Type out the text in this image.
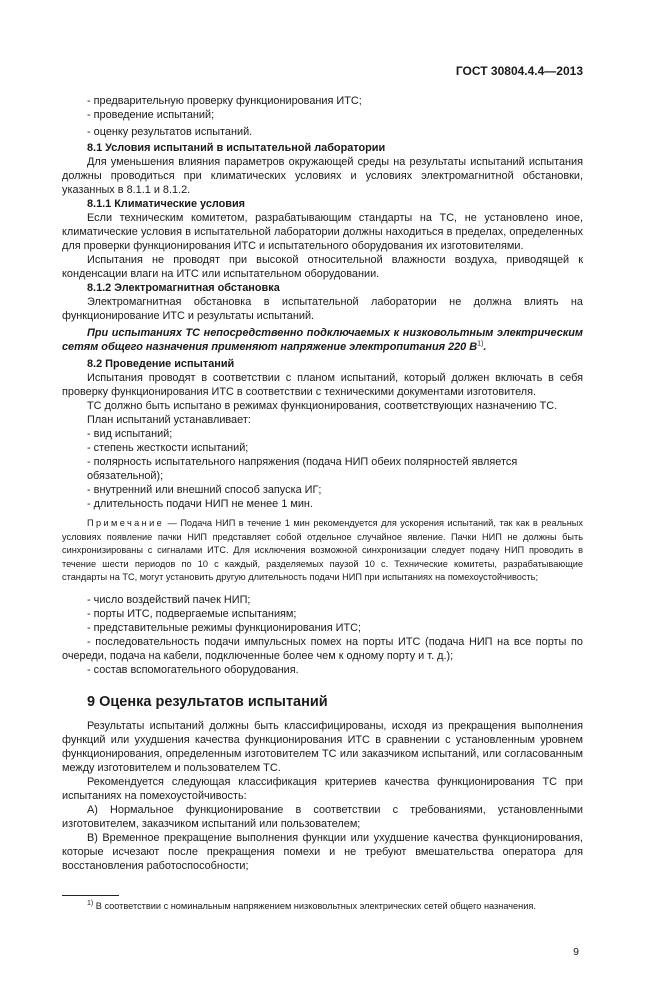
ГОСТ 30804.4.4—2013

- предварительную проверку функционирования ИТС;

- проведение испытаний;

- оценку результатов испытаний.

8.1 Условия испытаний в испытательной лаборатории

Для уменьшения влияния параметров окружающей среды на результаты испытаний испытания должны проводиться при климатических условиях и условиях электромагнитной обстановки, указанных в 8.1.1 и 8.1.2.

8.1.1 Климатические условия

Если техническим комитетом, разрабатывающим стандарты на ТС, не установлено иное, климатические условия в испытательной лаборатории должны находиться в пределах, определенных для проверки функционирования ИТС и испытательного оборудования их изготовителями.

Испытания не проводят при высокой относительной влажности воздуха, приводящей к конденсации влаги на ИТС или испытательном оборудовании.

8.1.2 Электромагнитная обстановка

Электромагнитная обстановка в испытательной лаборатории не должна влиять на функционирование ИТС и результаты испытаний.

При испытаниях ТС непосредственно подключаемых к низковольтным электрическим сетям общего назначения применяют напряжение электропитания 220 $В^{1)}$.

8.2 Проведение испытаний

Испытания проводят в соответствии с планом испытаний, который должен включать в себя проверку функционирования ИТС в соответствии с техническими документами изготовителя.

ТС должно быть испытано в режимах функционирования, соответствующих назначению ТС.

План испытаний устанавливает:

- вид испытаний;

- степень жесткости испытаний;

- полярность испытательного напряжения (подача НИП обеих полярностей является обязательной);

- внутренний или внешний способ запуска ИГ;

- длительность подачи НИП не менее 1 мин.

Примечание — Подача НИП в течение 1 мин рекомендуется для ускорения испытаний, так как в реальных условиях появление пачки НИП представляет собой отдельное случайное явление. Пачки НИП не должны быть синхронизированы с сигналами ИТС. Для исключения возможной синхронизации следует подачу НИП проводить в течение шести периодов по 10 с каждый, разделяемых паузой 10 с. Технические комитеты, разрабатывающие стандарты на ТС, могут установить другую длительность подачи НИП при испытаниях на помехоустойчивость;

- число воздействий пачек НИП;

- порты ИТС, подвергаемые испытаниям;

- представительные режимы функционирования ИТС;

- последовательность подачи импульсных помех на порты ИТС (подача НИП на все порты по очереди, подача на кабели, подключенные более чем к одному порту и т. д.);

- состав вспомогательного оборудования.

9 Оценка результатов испытаний

Результаты испытаний должны быть классифицированы, исходя из прекращения выполнения функций или ухудшения качества функционирования ИТС в сравнении с установленным уровнем функционирования, определенным изготовителем ТС или заказчиком испытаний, или согласованным между изготовителем и пользователем ТС.

Рекомендуется следующая классификация критериев качества функционирования ТС при испытаниях на помехоустойчивость:

А) Нормальное функционирование в соответствии с требованиями, установленными изготовителем, заказчиком испытаний или пользователем;

В) Временное прекращение выполнения функции или ухудшение качества функционирования, которые исчезают после прекращения помехи и не требуют вмешательства оператора для восстановления работоспособности;

$^{1)}$ В соответствии с номинальным напряжением низковольтных электрических сетей общего назначения.
9
